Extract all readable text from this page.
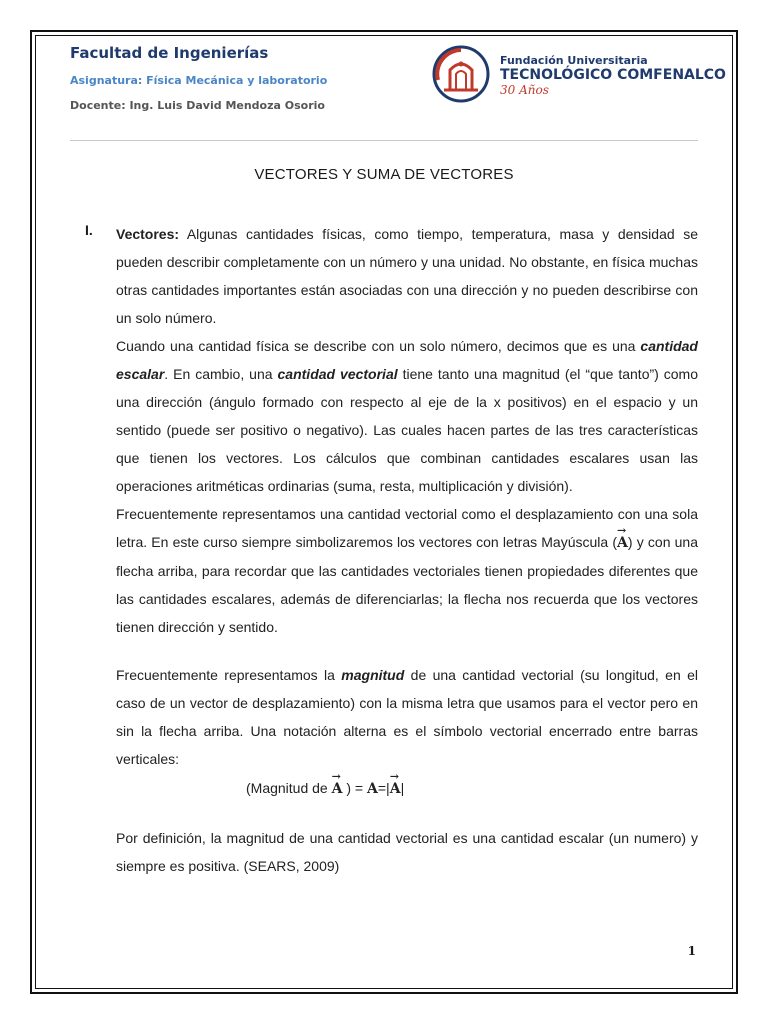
Facultad de Ingenierías
Asignatura: Física Mecánica y laboratorio
Docente: Ing. Luis David Mendoza Osorio
Fundación Universitaria
TECNOLÓGICO COMFENALCO
30 Años
VECTORES Y SUMA DE VECTORES
I. Vectores: Algunas cantidades físicas, como tiempo, temperatura, masa y densidad se pueden describir completamente con un número y una unidad. No obstante, en física muchas otras cantidades importantes están asociadas con una dirección y no pueden describirse con un solo número.

Cuando una cantidad física se describe con un solo número, decimos que es una cantidad escalar. En cambio, una cantidad vectorial tiene tanto una magnitud (el “que tanto”) como una dirección (ángulo formado con respecto al eje de la x positivos) en el espacio y un sentido (puede ser positivo o negativo). Las cuales hacen partes de las tres características que tienen los vectores. Los cálculos que combinan cantidades escalares usan las operaciones aritméticas ordinarias (suma, resta, multiplicación y división).

Frecuentemente representamos una cantidad vectorial como el desplazamiento con una sola letra. En este curso siempre simbolizaremos los vectores con letras Mayúscula (→ A) y con una flecha arriba, para recordar que las cantidades vectoriales tienen propiedades diferentes que las cantidades escalares, además de diferenciarlas; la flecha nos recuerda que los vectores tienen dirección y sentido.

Frecuentemente representamos la magnitud de una cantidad vectorial (su longitud, en el caso de un vector de desplazamiento) con la misma letra que usamos para el vector pero en sin la flecha arriba. Una notación alterna es el símbolo vectorial encerrado entre barras verticales:

(Magnitud de → A ) = A=|→ A|

Por definición, la magnitud de una cantidad vectorial es una cantidad escalar (un numero) y siempre es positiva. (SEARS, 2009)

1
